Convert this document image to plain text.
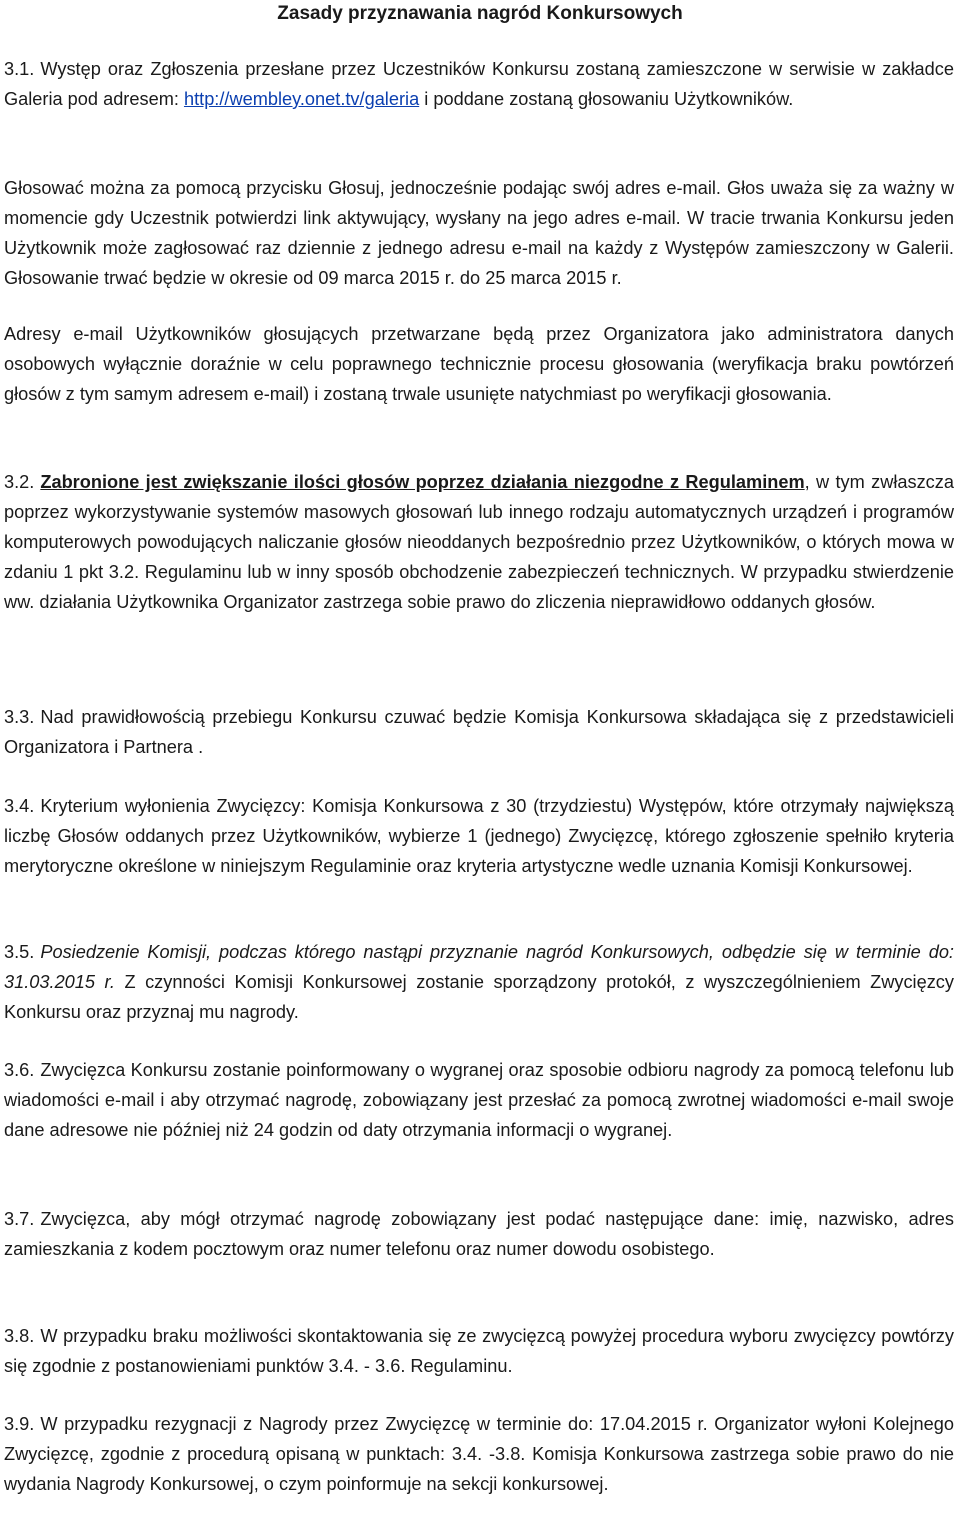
Zasady przyznawania nagród Konkursowych
3.1. Występ oraz Zgłoszenia przesłane przez Uczestników Konkursu zostaną zamieszczone w serwisie w zakładce Galeria pod adresem: http://wembley.onet.tv/galeria i poddane zostaną głosowaniu Użytkowników.
Głosować można za pomocą przycisku Głosuj, jednocześnie podając swój adres e-mail. Głos uważa się za ważny w momencie gdy Uczestnik potwierdzi link aktywujący, wysłany na jego adres e-mail. W tracie trwania Konkursu jeden Użytkownik może zagłosować raz dziennie z jednego adresu e-mail na każdy z Występów zamieszczony w Galerii. Głosowanie trwać będzie w okresie od 09 marca 2015 r. do 25 marca 2015 r.
Adresy e-mail Użytkowników głosujących przetwarzane będą przez Organizatora jako administratora danych osobowych wyłącznie doraźnie w celu poprawnego technicznie procesu głosowania (weryfikacja braku powtórzeń głosów z tym samym adresem e-mail) i zostaną trwale usunięte natychmiast po weryfikacji głosowania.
3.2. Zabronione jest zwiększanie ilości głosów poprzez działania niezgodne z Regulaminem, w tym zwłaszcza poprzez wykorzystywanie systemów masowych głosowań lub innego rodzaju automatycznych urządzeń i programów komputerowych powodujących naliczanie głosów nieoddanych bezpośrednio przez Użytkowników, o których mowa w zdaniu 1 pkt 3.2. Regulaminu lub w inny sposób obchodzenie zabezpieczeń technicznych. W przypadku stwierdzenie ww. działania Użytkownika Organizator zastrzega sobie prawo do zliczenia nieprawidłowo oddanych głosów.
3.3. Nad prawidłowością przebiegu Konkursu czuwać będzie Komisja Konkursowa składająca się z przedstawicieli Organizatora i Partnera .
3.4. Kryterium wyłonienia Zwycięzcy: Komisja Konkursowa z 30 (trzydziestu) Występów, które otrzymały największą liczbę Głosów oddanych przez Użytkowników, wybierze 1 (jednego) Zwycięzcę, którego zgłoszenie spełniło kryteria merytoryczne określone w niniejszym Regulaminie oraz kryteria artystyczne wedle uznania Komisji Konkursowej.
3.5. Posiedzenie Komisji, podczas którego nastąpi przyznanie nagród Konkursowych, odbędzie się w terminie do: 31.03.2015 r. Z czynności Komisji Konkursowej zostanie sporządzony protokół, z wyszczególnieniem Zwycięzcy Konkursu oraz przyznaj mu nagrody.
3.6. Zwycięzca Konkursu zostanie poinformowany o wygranej oraz sposobie odbioru nagrody za pomocą telefonu lub wiadomości e-mail i aby otrzymać nagrodę, zobowiązany jest przesłać za pomocą zwrotnej wiadomości e-mail swoje dane adresowe nie później niż 24 godzin od daty otrzymania informacji o wygranej.
3.7. Zwycięzca, aby mógł otrzymać nagrodę zobowiązany jest podać następujące dane: imię, nazwisko, adres zamieszkania z kodem pocztowym oraz numer telefonu oraz numer dowodu osobistego.
3.8. W przypadku braku możliwości skontaktowania się ze zwycięzcą powyżej procedura wyboru zwycięzcy powtórzy się zgodnie z postanowieniami punktów 3.4. - 3.6. Regulaminu.
3.9. W przypadku rezygnacji z Nagrody przez Zwycięzcę w terminie do: 17.04.2015 r. Organizator wyłoni Kolejnego Zwycięzcę, zgodnie z procedurą opisaną w punktach: 3.4. -3.8. Komisja Konkursowa zastrzega sobie prawo do nie wydania Nagrody Konkursowej, o czym poinformuje na sekcji konkursowej.
